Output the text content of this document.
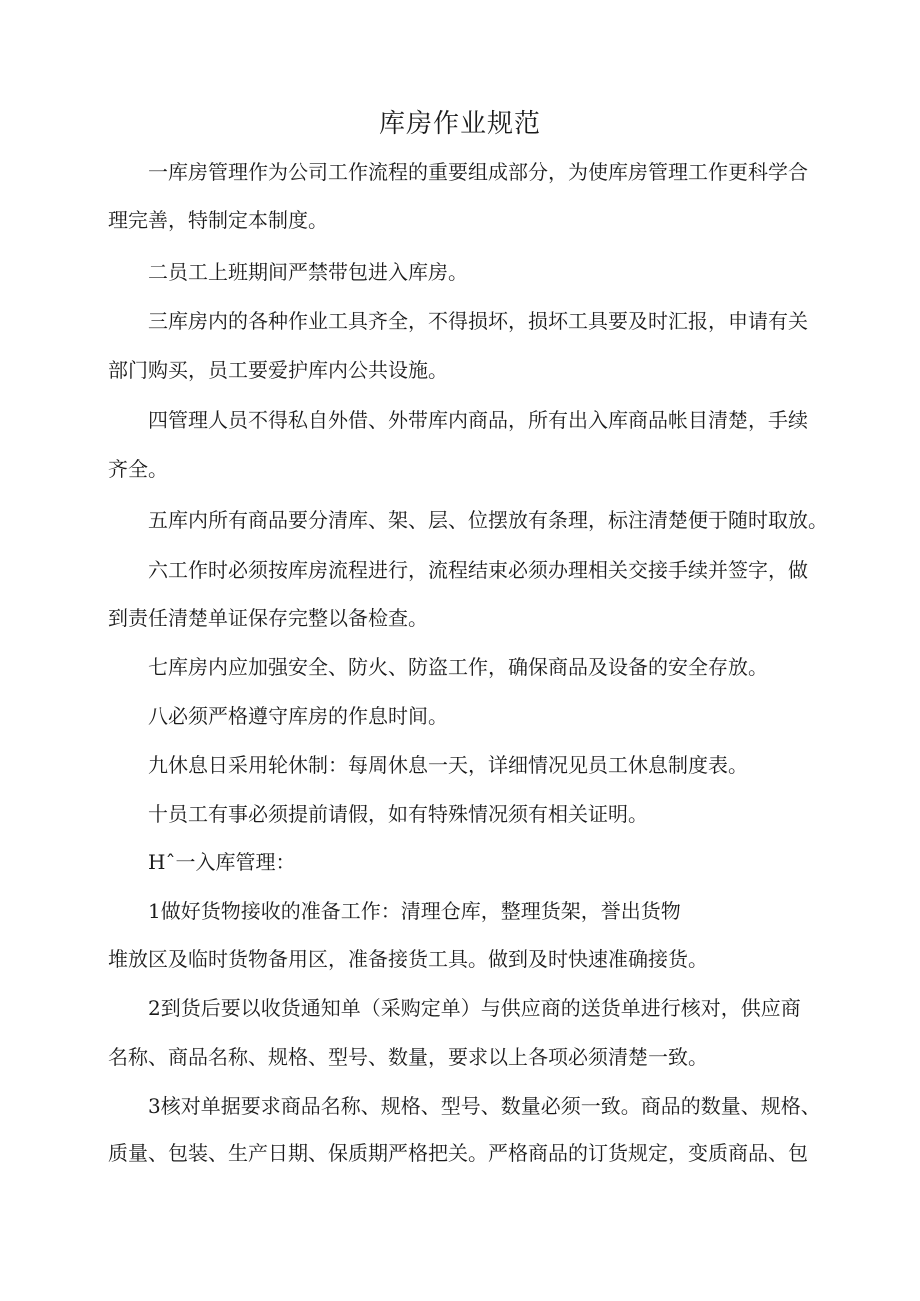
库房作业规范

一库房管理作为公司工作流程的重要组成部分，为使库房管理工作更科学合

理完善，特制定本制度。

二员工上班期间严禁带包进入库房。

三库房内的各种作业工具齐全，不得损坏，损坏工具要及时汇报，申请有关

部门购买，员工要爱护库内公共设施。

四管理人员不得私自外借、外带库内商品，所有出入库商品帐目清楚，手续

齐全。

五库内所有商品要分清库、架、层、位摆放有条理，标注清楚便于随时取放。

六工作时必须按库房流程进行，流程结束必须办理相关交接手续并签字，做

到责任清楚单证保存完整以备检查。

七库房内应加强安全、防火、防盗工作，确保商品及设备的安全存放。

八必须严格遵守库房的作息时间。

九休息日采用轮休制：每周休息一天，详细情况见员工休息制度表。

十员工有事必须提前请假，如有特殊情况须有相关证明。

Hˆ一入库管理：

1做好货物接收的准备工作：清理仓库，整理货架，誉出货物

堆放区及临时货物备用区，准备接货工具。做到及时快速准确接货。

2到货后要以收货通知单（采购定单）与供应商的送货单进行核对，供应商

名称、商品名称、规格、型号、数量，要求以上各项必须清楚一致。

3核对单据要求商品名称、规格、型号、数量必须一致。商品的数量、规格、

质量、包装、生产日期、保质期严格把关。严格商品的订货规定，变质商品、包
